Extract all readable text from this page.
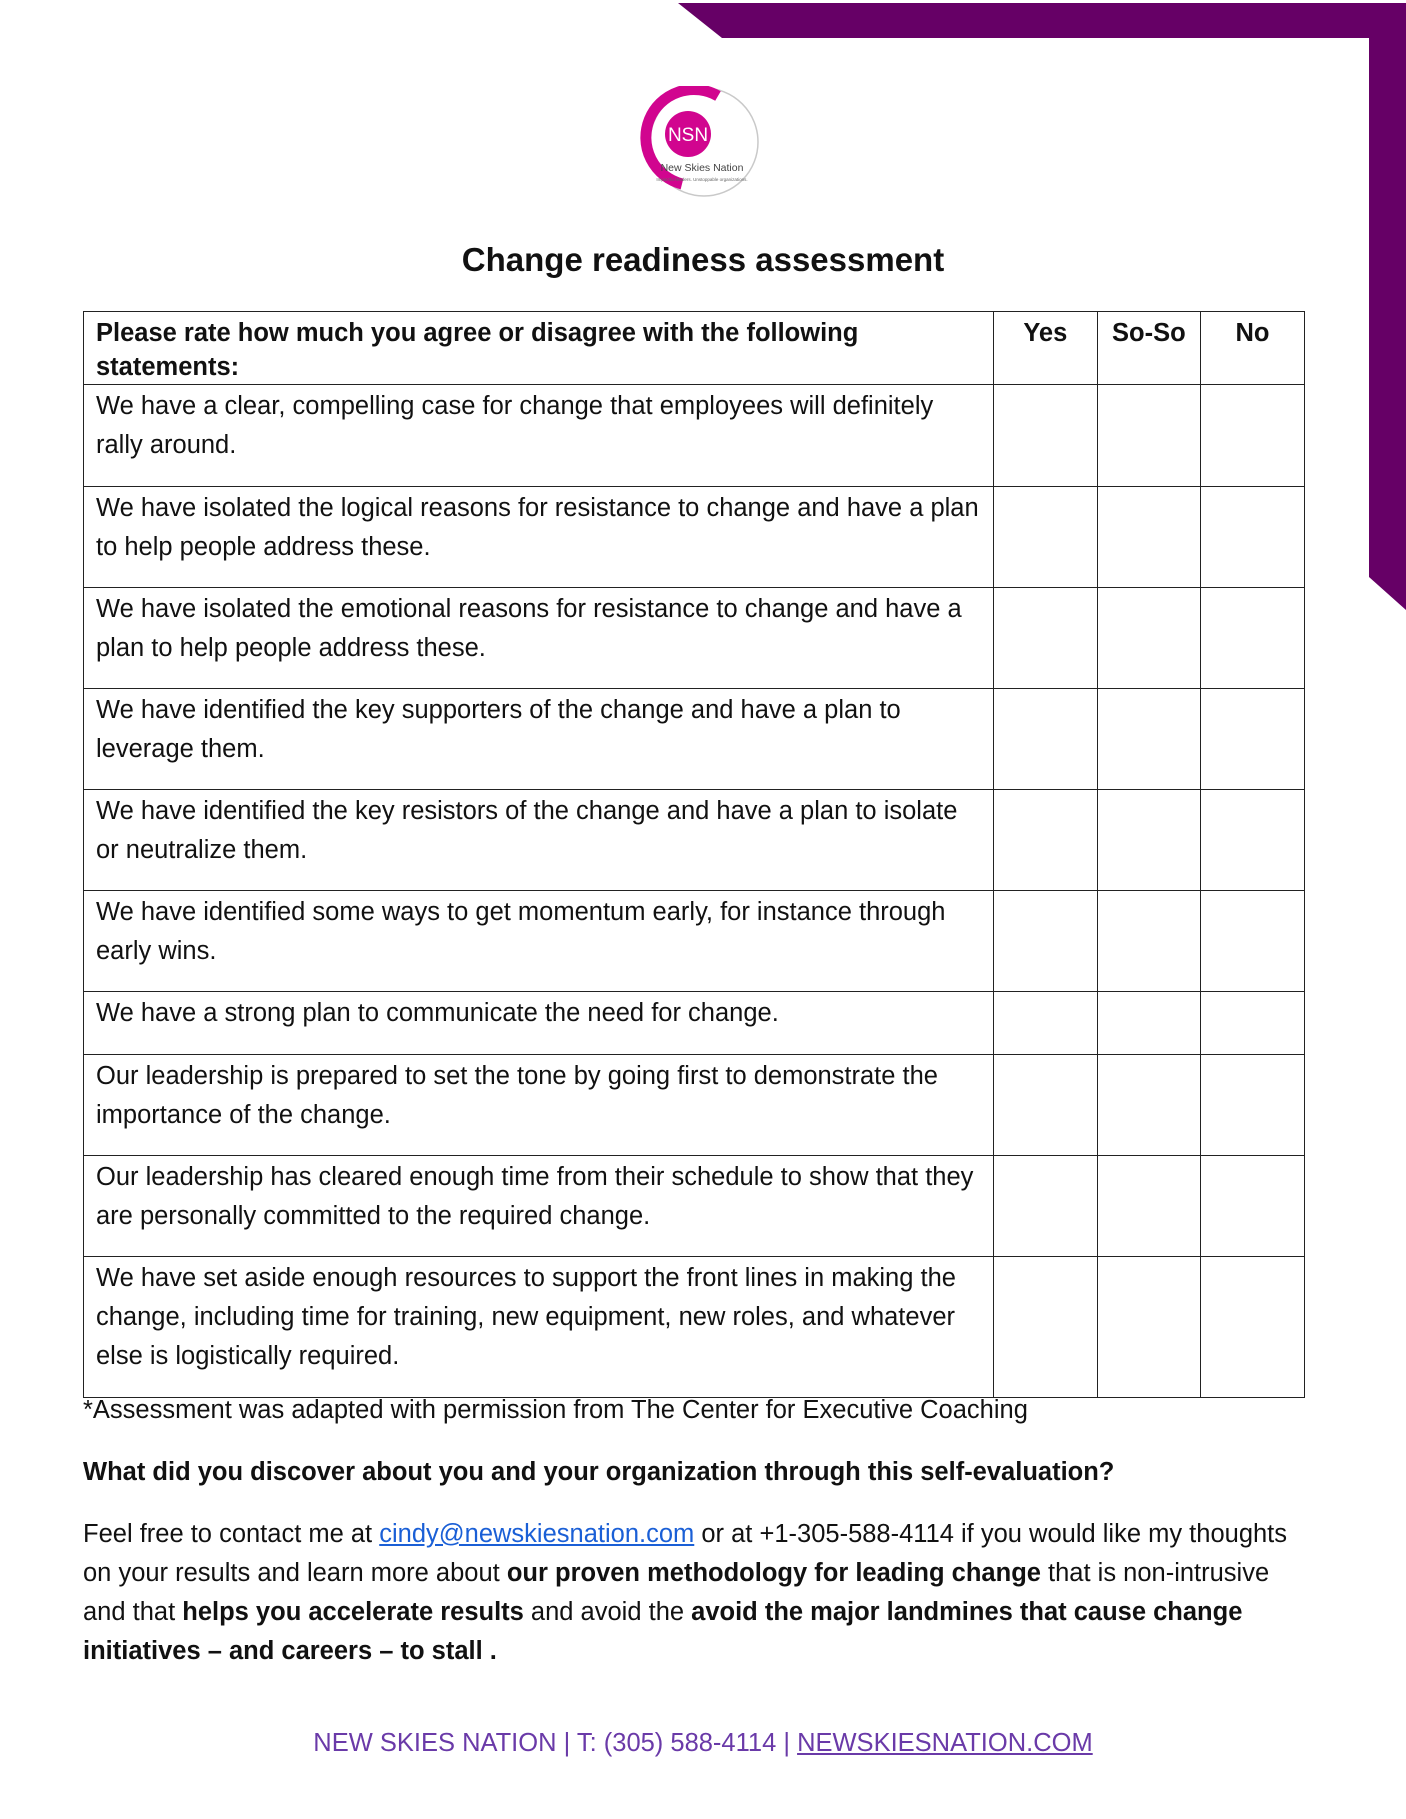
NSN
New Skies Nation
Impactful leaders. Unstoppable organizations.
Change readiness assessment
Please rate how much you agree or disagree with the following statements:	Yes	So-So	No
We have a clear, compelling case for change that employees will definitely rally around.			
We have isolated the logical reasons for resistance to change and have a plan to help people address these.			
We have isolated the emotional reasons for resistance to change and have a plan to help people address these.			
We have identified the key supporters of the change and have a plan to leverage them.			
We have identified the key resistors of the change and have a plan to isolate or neutralize them.			
We have identified some ways to get momentum early, for instance through early wins.			
We have a strong plan to communicate the need for change.			
Our leadership is prepared to set the tone by going first to demonstrate the importance of the change.			
Our leadership has cleared enough time from their schedule to show that they are personally committed to the required change.			
We have set aside enough resources to support the front lines in making the change, including time for training, new equipment, new roles, and whatever else is logistically required.			
*Assessment was adapted with permission from The Center for Executive Coaching
What did you discover about you and your organization through this self-evaluation?
Feel free to contact me at cindy@newskiesnation.com or at +1-305-588-4114 if you would like my thoughts on your results and learn more about our proven methodology for leading change that is non-intrusive and that helps you accelerate results and avoid the avoid the major landmines that cause change initiatives – and careers – to stall .
NEW SKIES NATION | T: (305) 588-4114 | NEWSKIESNATION.COM
